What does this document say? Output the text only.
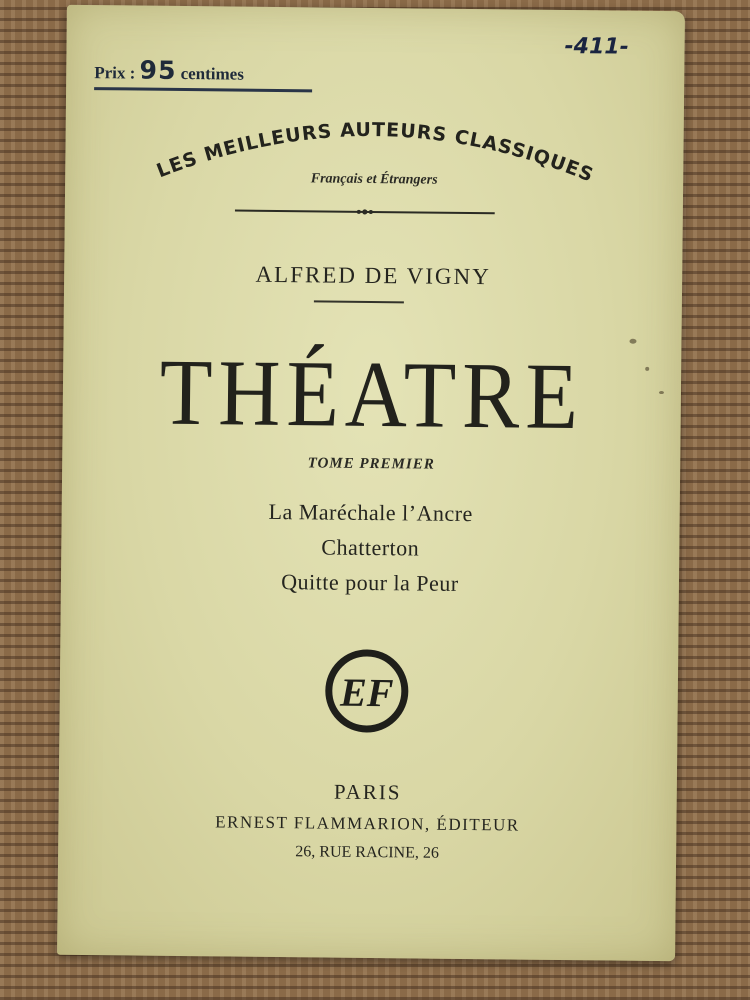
Prix : 95 centimes
-411-
LES MEILLEURS AUTEURS CLASSIQUES
Français et Étrangers
ALFRED DE VIGNY
THÉATRE
TOME PREMIER
La Maréchale l’Ancre
Chatterton
Quitte pour la Peur
EF
PARIS
ERNEST FLAMMARION, ÉDITEUR
26, RUE RACINE, 26
